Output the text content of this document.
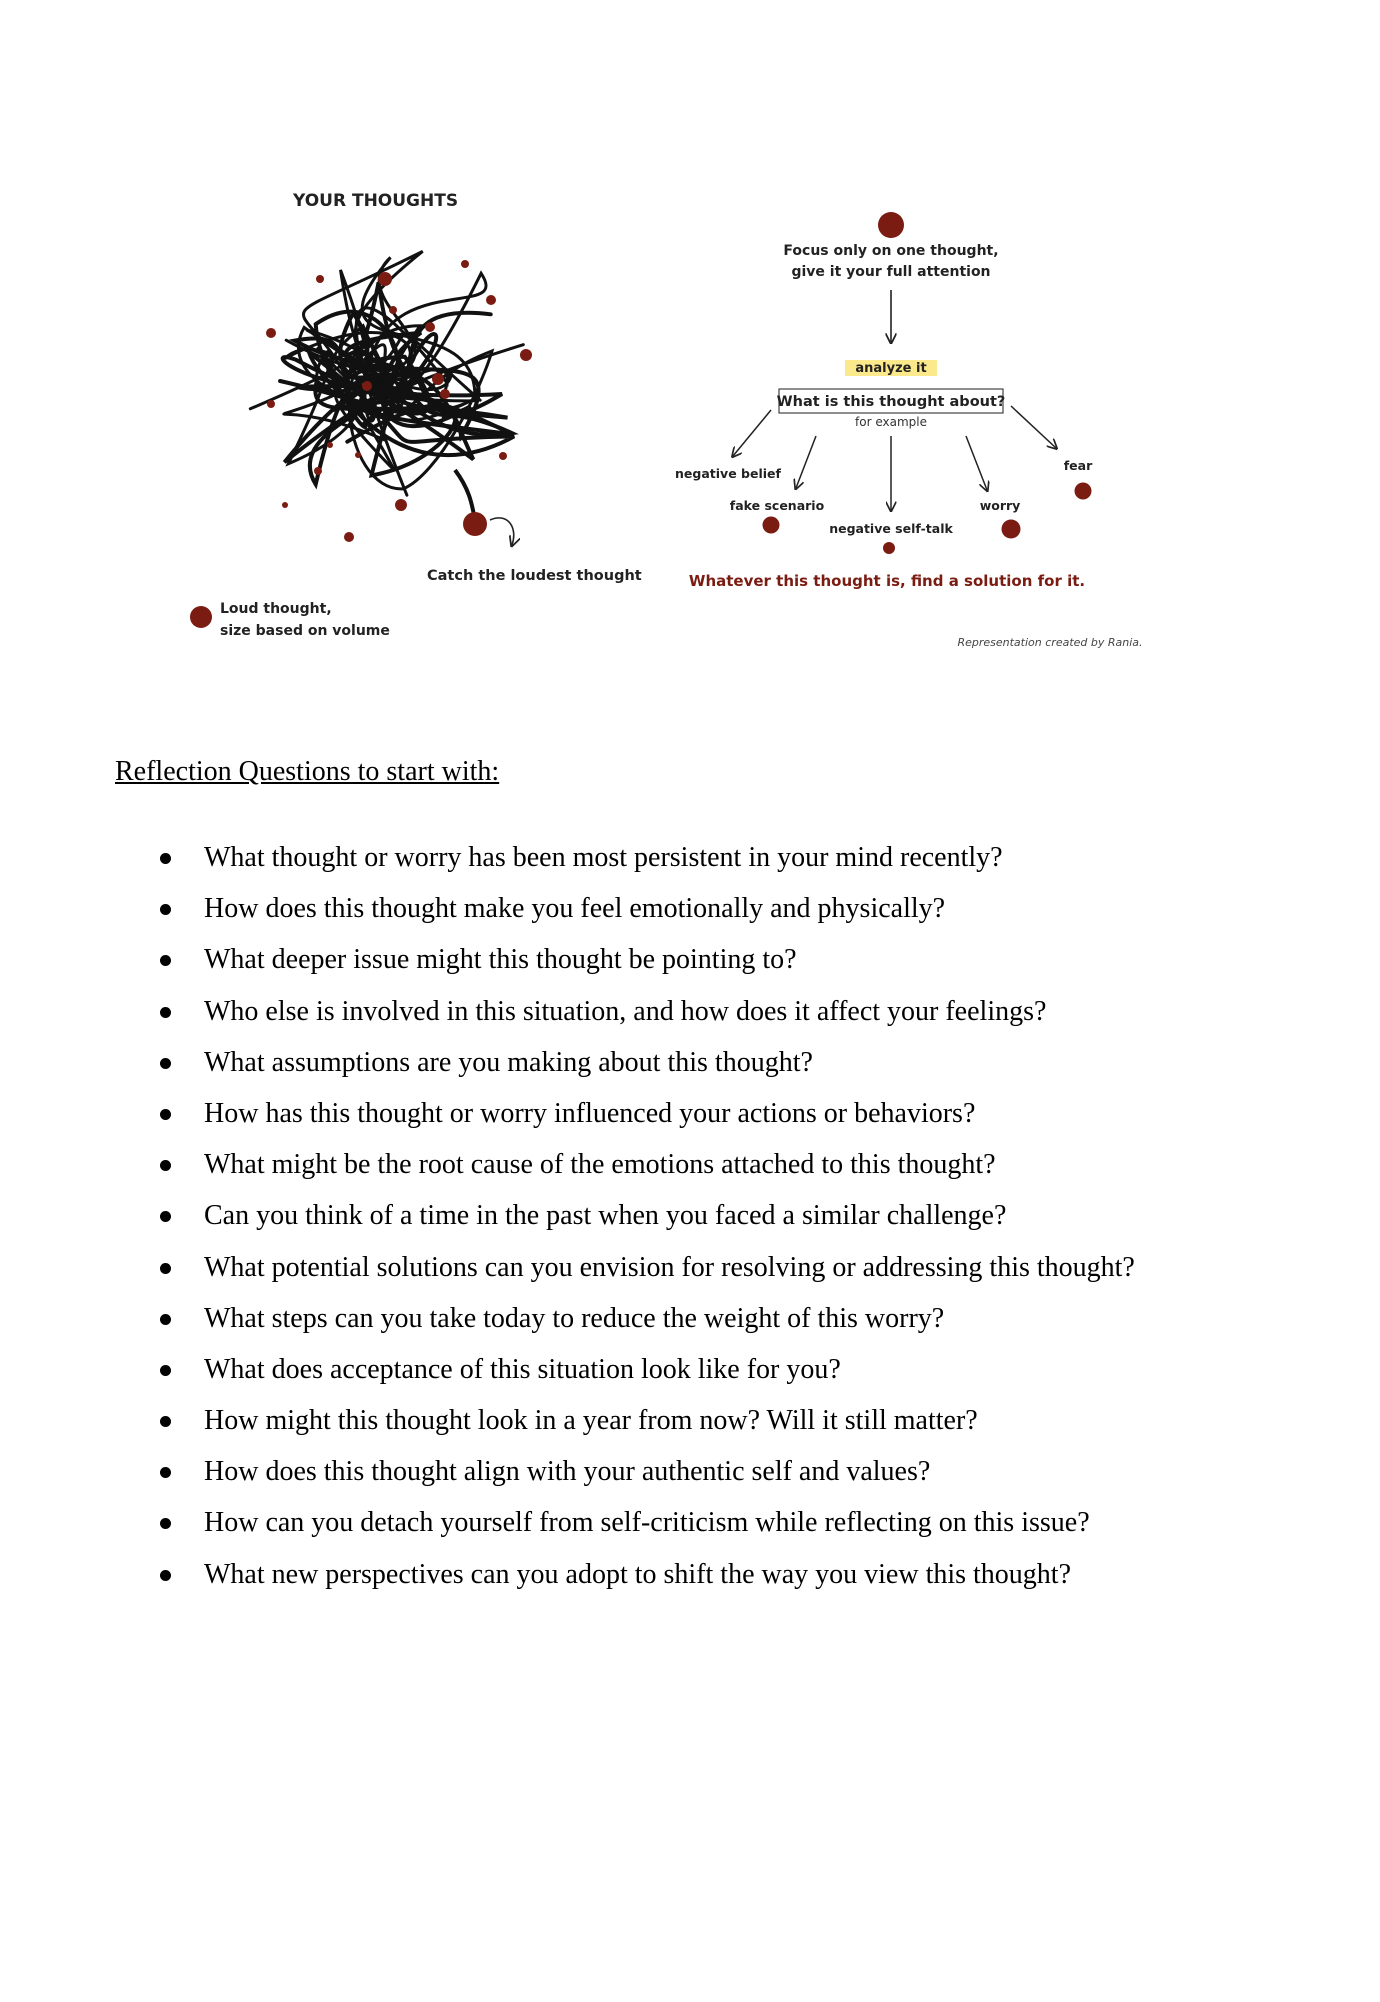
YOUR THOUGHTS
Catch the loudest thought
Loud thought,
size based on volume
Focus only on one thought,
give it your full attention
analyze it
What is this thought about?
for example
negative belief
fake scenario
negative self-talk
worry
fear
Whatever this thought is, find a solution for it.
Representation created by Rania.
Reflection Questions to start with:
What thought or worry has been most persistent in your mind recently?
How does this thought make you feel emotionally and physically?
What deeper issue might this thought be pointing to?
Who else is involved in this situation, and how does it affect your feelings?
What assumptions are you making about this thought?
How has this thought or worry influenced your actions or behaviors?
What might be the root cause of the emotions attached to this thought?
Can you think of a time in the past when you faced a similar challenge?
What potential solutions can you envision for resolving or addressing this thought?
What steps can you take today to reduce the weight of this worry?
What does acceptance of this situation look like for you?
How might this thought look in a year from now? Will it still matter?
How does this thought align with your authentic self and values?
How can you detach yourself from self-criticism while reflecting on this issue?
What new perspectives can you adopt to shift the way you view this thought?
